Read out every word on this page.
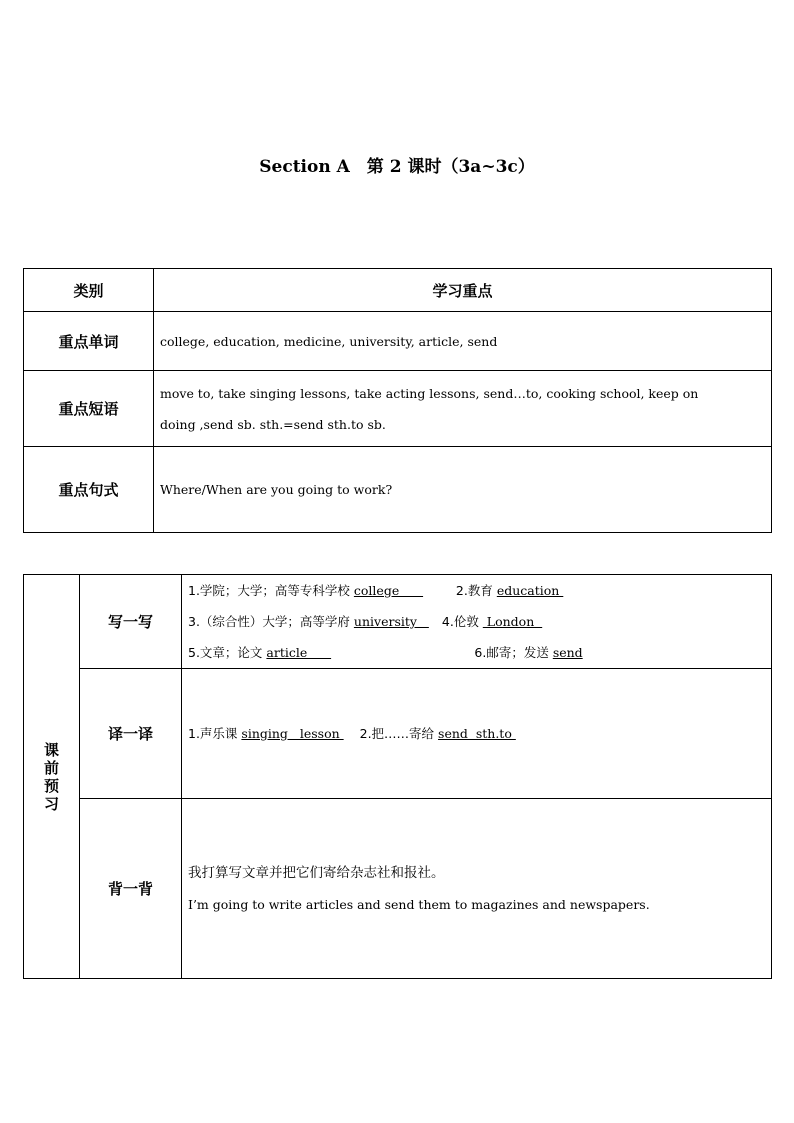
Section A　第 2 课时（3a~3c）
类别	学习重点
重点单词	college, education, medicine, university, article, send

重点短语	move to, take singing lessons, take acting lessons, send…to, cooking school, keep on
doing ,send sb. sth.=send sth.to sb.

重点句式	Where/When are you going to work?
课前预习	写一写	1.学院；大学；高等专科学校 college 2.教育 education
3.（综合性）大学；高等学府 university   4.伦敦  London
5.文章；论文 article 6.邮寄；发送 send

	译一译	1.声乐课 singing   lesson 2.把……寄给 send  sth.to

	背一背	我打算写文章并把它们寄给杂志社和报社。
I’m going to write articles and send them to magazines and newspapers.
